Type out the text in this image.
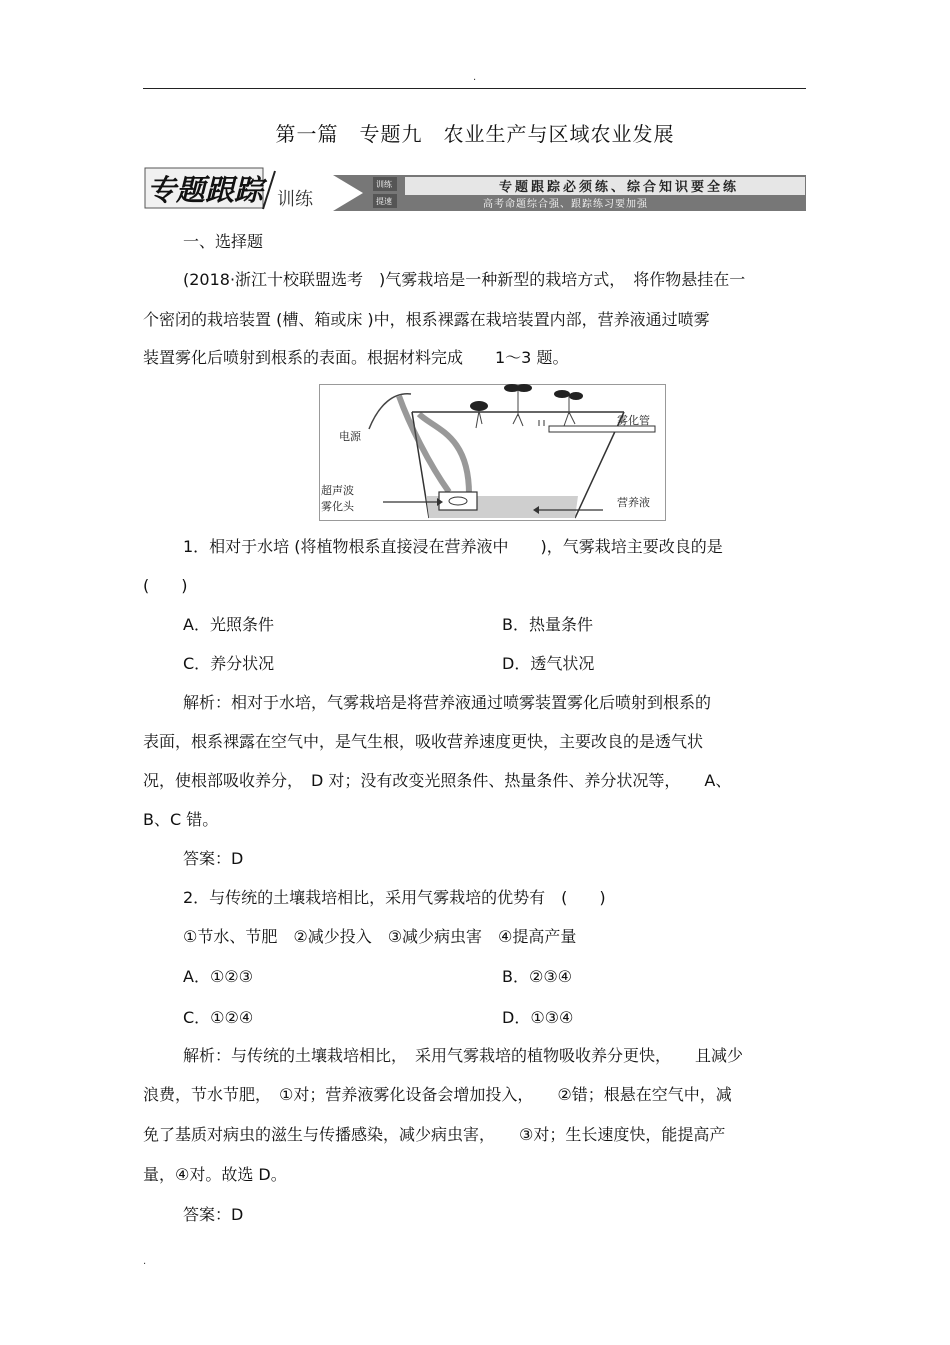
.
第一篇　专题九　农业生产与区域农业发展
专题跟踪 训练
训练
提速
专题跟踪必须练、综合知识要全练
高考命题综合强、跟踪练习要加强
一、选择题
(2018·浙江十校联盟选考　)气雾栽培是一种新型的栽培方式，　将作物悬挂在一
个密闭的栽培装置 (槽、箱或床 )中，根系裸露在栽培装置内部，营养液通过喷雾
装置雾化后喷射到根系的表面。根据材料完成　　1～3 题。
电源
雾化管
超声波
雾化头	营养液
1．相对于水培 (将植物根系直接浸在营养液中　　)，气雾栽培主要改良的是
(　　)
A．光照条件	B．热量条件
C．养分状况	D．透气状况
解析：相对于水培，气雾栽培是将营养液通过喷雾装置雾化后喷射到根系的
表面，根系裸露在空气中，是气生根，吸收营养速度更快，主要改良的是透气状
况，使根部吸收养分，　D 对；没有改变光照条件、热量条件、养分状况等，　　A、
B、C 错。
答案：D
2．与传统的土壤栽培相比，采用气雾栽培的优势有　(　　)
①节水、节肥　②减少投入　③减少病虫害　④提高产量
A．①②③	B．②③④
C．①②④	D．①③④
解析：与传统的土壤栽培相比，　采用气雾栽培的植物吸收养分更快，　　且减少
浪费，节水节肥，　①对；营养液雾化设备会增加投入，　　②错；根悬在空气中，减
免了基质对病虫的滋生与传播感染，减少病虫害，　　③对；生长速度快，能提高产
量，④对。故选 D。
答案：D
.
